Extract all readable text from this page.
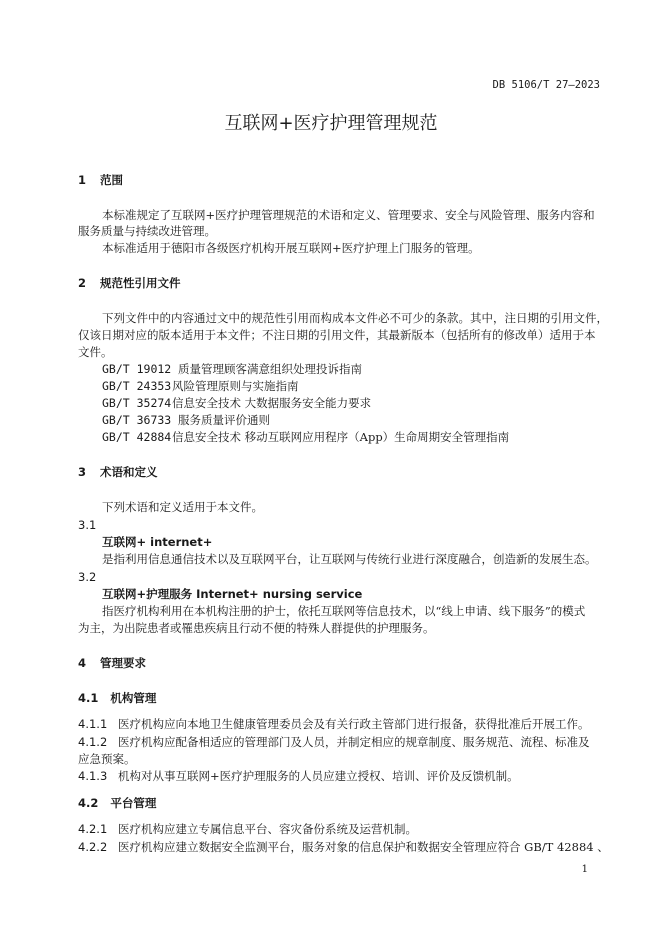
DB 5106/T 27—2023
互联网+医疗护理管理规范
1 范围
本标准规定了互联网+医疗护理管理规范的术语和定义、管理要求、安全与风险管理、服务内容和
服务质量与持续改进管理。
本标准适用于德阳市各级医疗机构开展互联网+医疗护理上门服务的管理。
2 规范性引用文件
下列文件中的内容通过文中的规范性引用而构成本文件必不可少的条款。其中，注日期的引用文件，
仅该日期对应的版本适用于本文件；不注日期的引用文件，其最新版本（包括所有的修改单）适用于本
文件。
GB/T 19012 质量管理顾客满意组织处理投诉指南
GB/T 24353风险管理原则与实施指南
GB/T 35274信息安全技术 大数据服务安全能力要求
GB/T 36733 服务质量评价通则
GB/T 42884信息安全技术 移动互联网应用程序（App）生命周期安全管理指南
3 术语和定义
下列术语和定义适用于本文件。
3.1
互联网+ internet+
是指利用信息通信技术以及互联网平台，让互联网与传统行业进行深度融合，创造新的发展生态。
3.2
互联网+护理服务 Internet+ nursing service
指医疗机构利用在本机构注册的护士，依托互联网等信息技术，以“线上申请、线下服务”的模式
为主，为出院患者或罹患疾病且行动不便的特殊人群提供的护理服务。
4 管理要求
4.1 机构管理
4.1.1 医疗机构应向本地卫生健康管理委员会及有关行政主管部门进行报备，获得批准后开展工作。
4.1.2 医疗机构应配备相适应的管理部门及人员，并制定相应的规章制度、服务规范、流程、标准及
应急预案。
4.1.3 机构对从事互联网+医疗护理服务的人员应建立授权、培训、评价及反馈机制。
4.2 平台管理
4.2.1 医疗机构应建立专属信息平台、容灾备份系统及运营机制。
4.2.2 医疗机构应建立数据安全监测平台，服务对象的信息保护和数据安全管理应符合 GB/T 42884 、
1
